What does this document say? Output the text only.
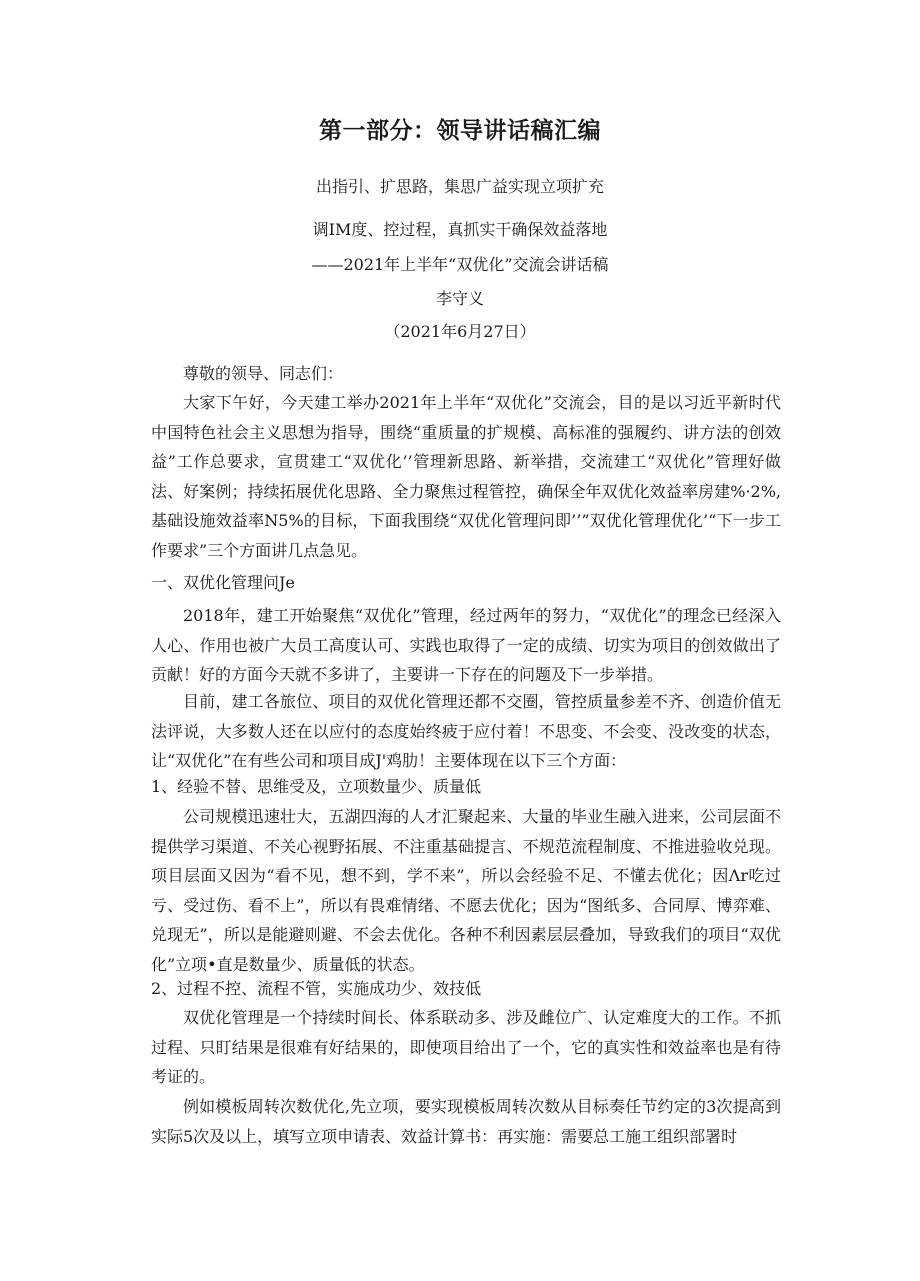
第一部分：领导讲话稿汇编
出指引、扩思路，集思广益实现立项扩充
调IM度、控过程，真抓实干确保效益落地
——2021年上半年“双优化”交流会讲话稿
李守义
（2021年6月27日）
尊敬的领导、同志们：

大家下午好，今天建工举办2021年上半年“双优化”交流会，目的是以习近平新时代中国特色社会主义思想为指导，围绕“重质量的扩规模、高标准的强履约、讲方法的创效益”工作总要求，宣贯建工“双优化’’管理新思路、新举措，交流建工“双优化”管理好做法、好案例；持续拓展优化思路、全力聚焦过程管控，确保全年双优化效益率房建%·2%,基础设施效益率N5%的目标，下面我围绕“双优化管理问即’’”双优化管理优化’“下一步工作要求”三个方面讲几点急见。

一、双优化管理问Je

2018年，建工开始聚焦“双优化”管理，经过两年的努力，“双优化”的理念已经深入人心、作用也被广大员工高度认可、实践也取得了一定的成绩、切实为项目的创效做出了贡献！好的方面今天就不多讲了，主要讲一下存在的问题及下一步举措。

目前，建工各旅位、项目的双优化管理还都不交圈，管控质量参差不齐、创造价值无法评说，大多数人还在以应付的态度始终疲于应付着！不思变、不会变、没改变的状态，让“双优化”在有些公司和项目成J'鸡肋！主要体现在以下三个方面：

1、经验不替、思维受及，立项数量少、质量低

公司规模迅速壮大，五湖四海的人才汇聚起来、大量的毕业生融入进来，公司层面不提供学习渠道、不关心视野拓展、不注重基础提言、不规范流程制度、不推进验收兑现。项目层面又因为“看不见，想不到，学不来”，所以会经验不足、不懂去优化；因Λr吃过亏、受过伤、看不上”，所以有畏难情绪、不愿去优化；因为“图纸多、合同厚、博弈难、兑现无”，所以是能避则避、不会去优化。各种不利因素层层叠加，导致我们的项目“双优化”立项•直是数量少、质量低的状态。

2、过程不控、流程不管，实施成功少、效技低

双优化管理是一个持续时间长、体系联动多、涉及雌位广、认定难度大的工作。不抓过程、只盯结果是很难有好结果的，即使项目给出了一个，它的真实性和效益率也是有待考证的。

例如模板周转次数优化,先立项，要实现模板周转次数从目标奏任节约定的3次提高到实际5次及以上，填写立项申请表、效益计算书：再实施：需要总工施工组织部署时
